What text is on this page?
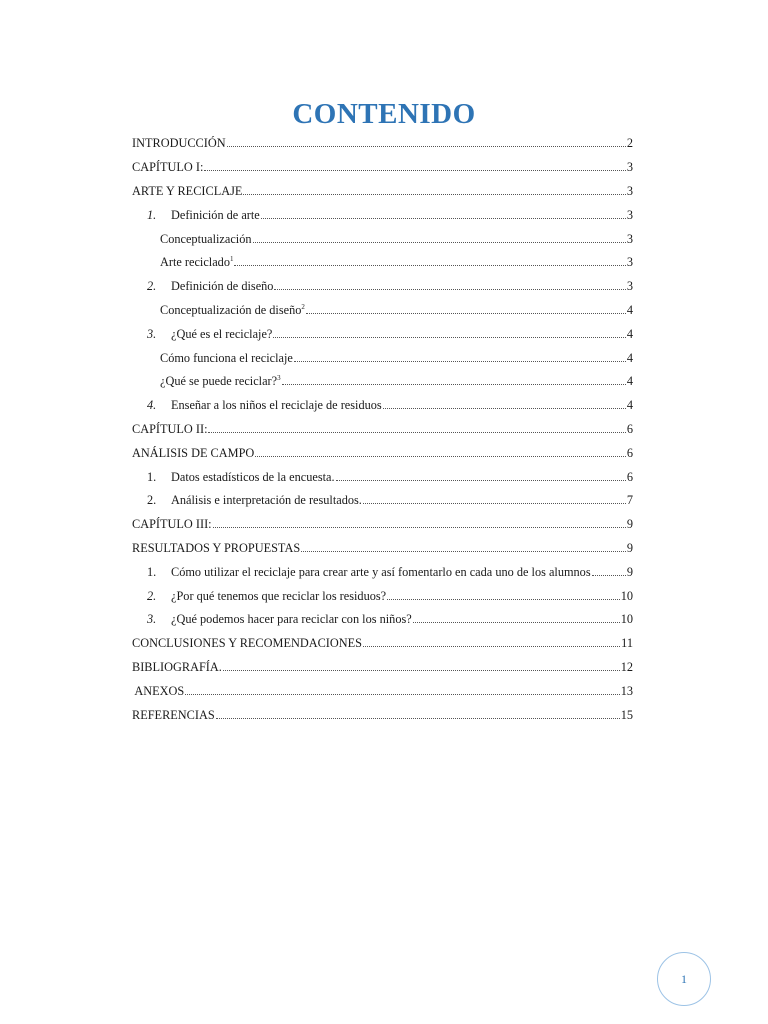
CONTENIDO
INTRODUCCIÓN	2
CAPÍTULO I:	3
ARTE Y RECICLAJE	3
1.	Definición de arte	3
Conceptualización	3
Arte reciclado$^1$	3
2.	Definición de diseño	3
Conceptualización de diseño$^2$	4
3.	¿Qué es el reciclaje?	4
Cómo funciona el reciclaje	4
¿Qué se puede reciclar?$^3$	4
4.	Enseñar a los niños el reciclaje de residuos	4
CAPÍTULO II:	6
ANÁLISIS DE CAMPO	6
1.	Datos estadísticos de la encuesta.	6
2.	Análisis e interpretación de resultados.	7
CAPÍTULO III:	9
RESULTADOS Y PROPUESTAS	9
1.	Cómo utilizar el reciclaje para crear arte y así fomentarlo en cada uno de los alumnos	9
2.	¿Por qué tenemos que reciclar los residuos?	10
3.	¿Qué podemos hacer para reciclar con los niños?	10
CONCLUSIONES Y RECOMENDACIONES	11
BIBLIOGRAFÍA.	12
ANEXOS	13
REFERENCIAS	15
1
